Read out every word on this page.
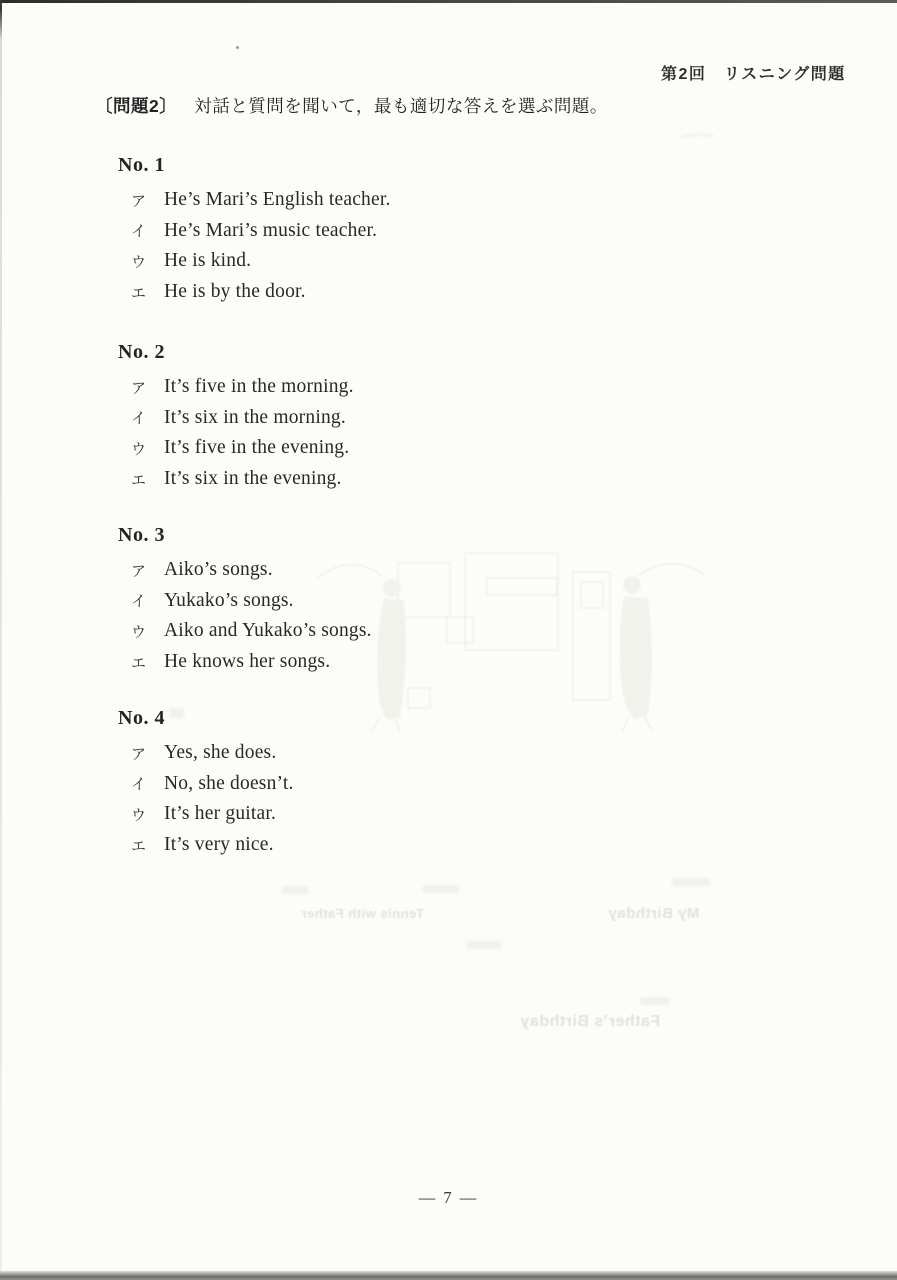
第2回　リスニング問題
〔問題2〕 対話と質問を聞いて，最も適切な答えを選ぶ問題。
No. 1
ア He’s Mari’s English teacher.
イ He’s Mari’s music teacher.
ウ He is kind.
エ He is by the door.
No. 2
ア It’s five in the morning.
イ It’s six in the morning.
ウ It’s five in the evening.
エ It’s six in the evening.
No. 3
ア Aiko’s songs.
イ Yukako’s songs.
ウ Aiko and Yukako’s songs.
エ He knows her songs.
No. 4
ア Yes, she does.
イ No, she doesn’t.
ウ It’s her guitar.
エ It’s very nice.
Tennis with Father	My Birthday
Father’s Birthday
— 7 —
